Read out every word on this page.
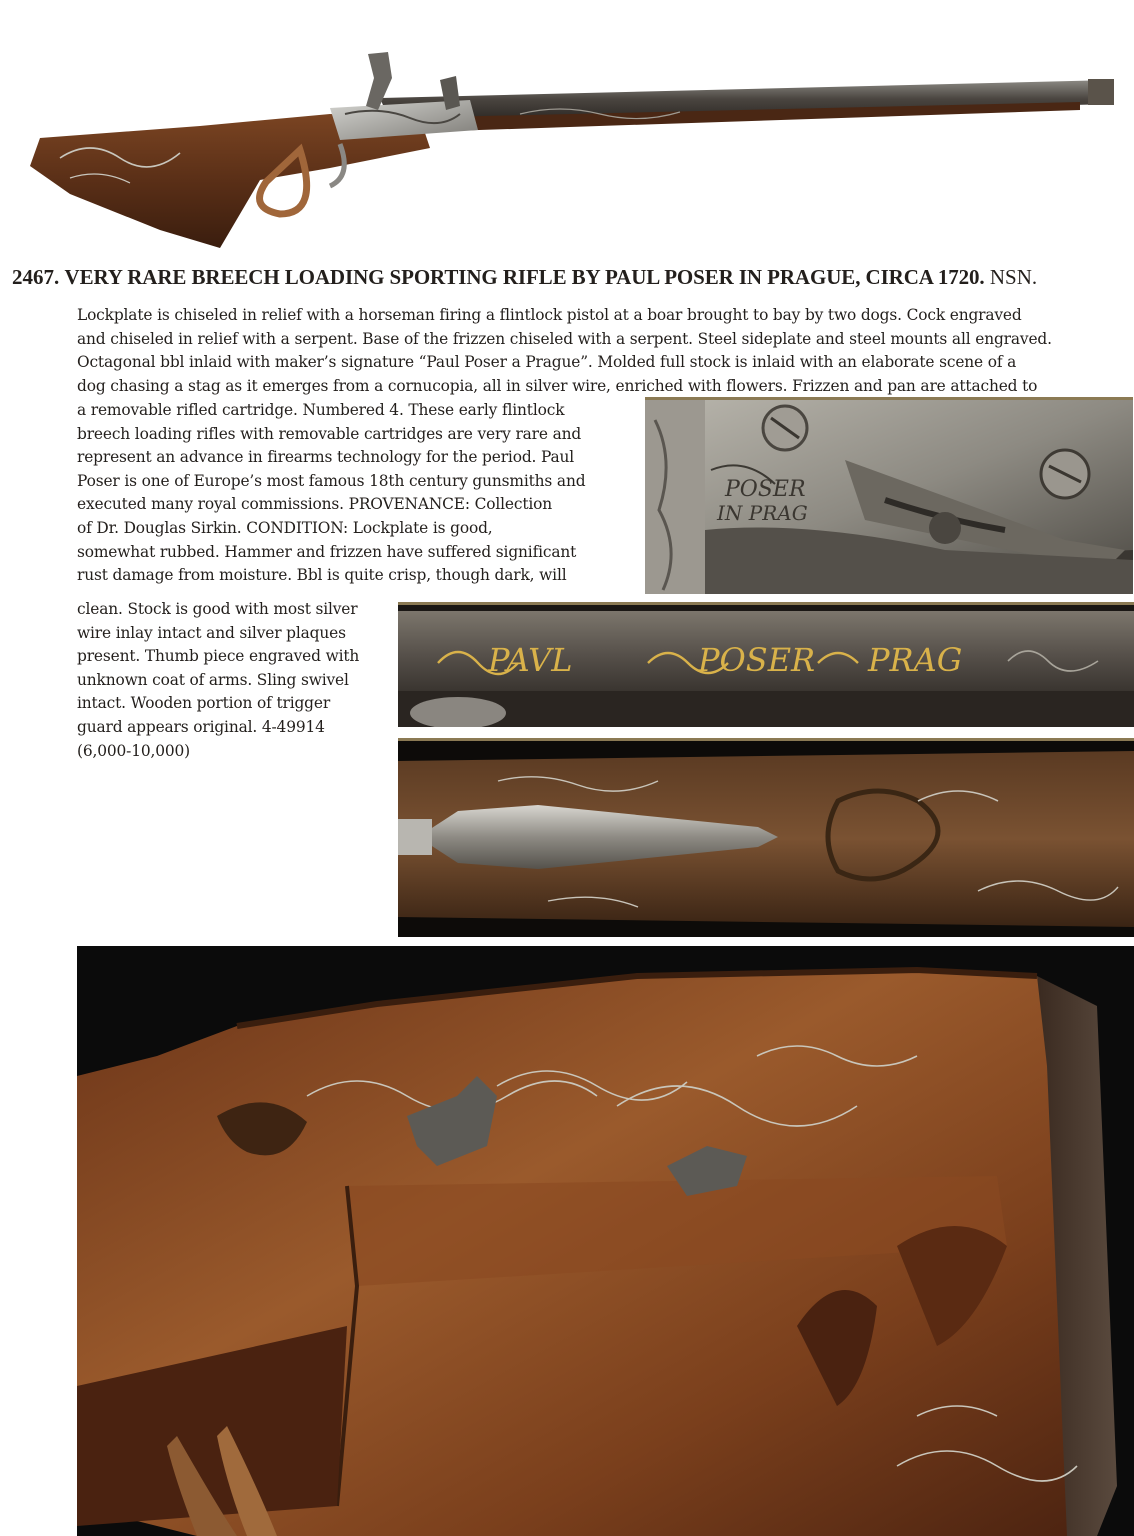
2467. VERY RARE BREECH LOADING SPORTING RIFLE BY PAUL POSER IN PRAGUE, CIRCA 1720. NSN.
Lockplate is chiseled in relief with a horseman firing a flintlock pistol at a boar brought to bay by two dogs. Cock engraved
and chiseled in relief with a serpent. Base of the frizzen chiseled with a serpent. Steel sideplate and steel mounts all engraved.
Octagonal bbl inlaid with maker’s signature “Paul Poser a Prague”. Molded full stock is inlaid with an elaborate scene of a
dog chasing a stag as it emerges from a cornucopia, all in silver wire, enriched with flowers. Frizzen and pan are attached to
a removable rifled cartridge. Numbered 4. These early flintlock
breech loading rifles with removable cartridges are very rare and
represent an advance in firearms technology for the period. Paul
Poser is one of Europe’s most famous 18th century gunsmiths and
executed many royal commissions. PROVENANCE: Collection
of Dr. Douglas Sirkin. CONDITION: Lockplate is good,
somewhat rubbed. Hammer and frizzen have suffered significant
rust damage from moisture. Bbl is quite crisp, though dark, will
clean. Stock is good with most silver
wire inlay intact and silver plaques
present. Thumb piece engraved with
unknown coat of arms. Sling swivel
intact. Wooden portion of trigger
guard appears original. 4-49914
(6,000-10,000)
POSER
IN PRAG
PAVL	POSER PRAG
